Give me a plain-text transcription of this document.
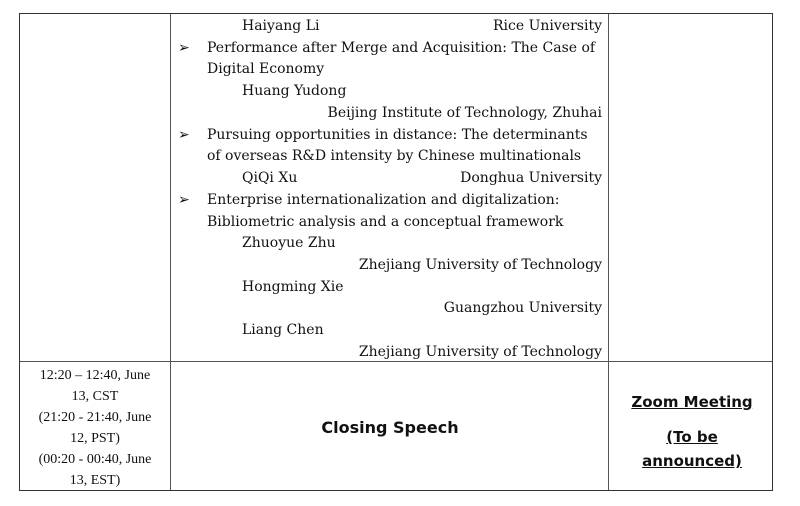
Haiyang Li	Rice University
➢ Performance after Merge and Acquisition: The Case of
Digital Economy
Huang Yudong
Beijing Institute of Technology, Zhuhai
➢ Pursuing opportunities in distance: The determinants
of overseas R&D intensity by Chinese multinationals
QiQi Xu	Donghua University
➢ Enterprise internationalization and digitalization:
Bibliometric analysis and a conceptual framework
Zhuoyue Zhu
Zhejiang University of Technology
Hongming Xie
Guangzhou University
Liang Chen
Zhejiang University of Technology
12:20 – 12:40, June
13, CST
(21:20 - 21:40, June
12, PST)
(00:20 - 00:40, June
13, EST)
Closing Speech
Zoom Meeting
(To be
announced)
